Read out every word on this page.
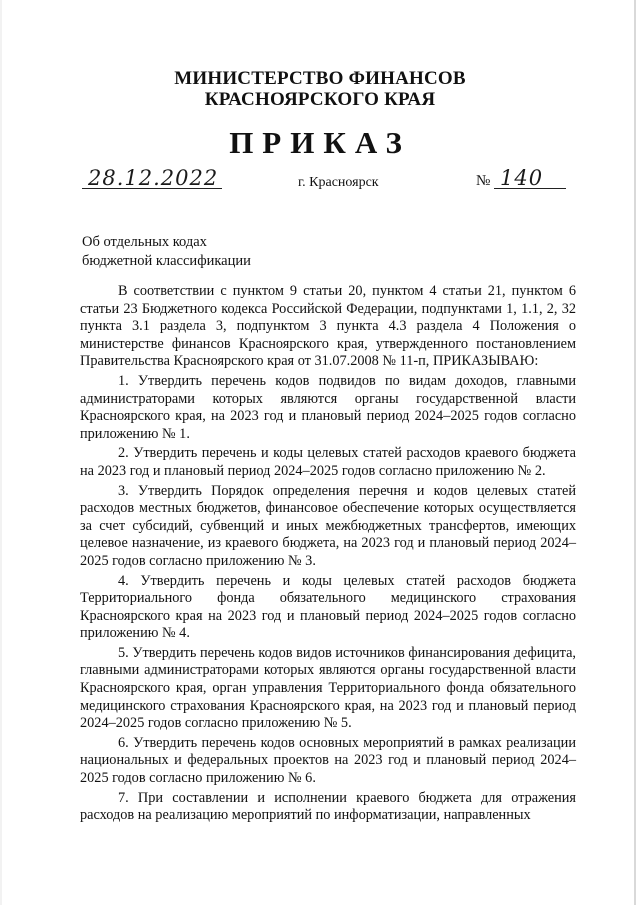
МИНИСТЕРСТВО ФИНАНСОВ
КРАСНОЯРСКОГО КРАЯ
ПРИКАЗ
28.12.2022	г. Красноярск	№ 140
Об отдельных кодах
бюджетной классификации

В соответствии с пунктом 9 статьи 20, пунктом 4 статьи 21, пунктом 6 статьи 23 Бюджетного кодекса Российской Федерации, подпунктами 1, 1.1, 2, 32 пункта 3.1 раздела 3, подпунктом 3 пункта 4.3 раздела 4 Положения о министерстве финансов Красноярского края, утвержденного постановлением Правительства Красноярского края от 31.07.2008 № 11-п, ПРИКАЗЫВАЮ:

1. Утвердить перечень кодов подвидов по видам доходов, главными администраторами которых являются органы государственной власти Красноярского края, на 2023 год и плановый период 2024–2025 годов согласно приложению № 1.

2. Утвердить перечень и коды целевых статей расходов краевого бюджета на 2023 год и плановый период 2024–2025 годов согласно приложению № 2.

3. Утвердить Порядок определения перечня и кодов целевых статей расходов местных бюджетов, финансовое обеспечение которых осуществляется за счет субсидий, субвенций и иных межбюджетных трансфертов, имеющих целевое назначение, из краевого бюджета, на 2023 год и плановый период 2024–2025 годов согласно приложению № 3.

4. Утвердить перечень и коды целевых статей расходов бюджета Территориального фонда обязательного медицинского страхования Красноярского края на 2023 год и плановый период 2024–2025 годов согласно приложению № 4.

5. Утвердить перечень кодов видов источников финансирования дефицита, главными администраторами которых являются органы государственной власти Красноярского края, орган управления Территориального фонда обязательного медицинского страхования Красноярского края, на 2023 год и плановый период 2024–2025 годов согласно приложению № 5.

6. Утвердить перечень кодов основных мероприятий в рамках реализации национальных и федеральных проектов на 2023 год и плановый период 2024–2025 годов согласно приложению № 6.

7. При составлении и исполнении краевого бюджета для отражения расходов на реализацию мероприятий по информатизации, направленных
